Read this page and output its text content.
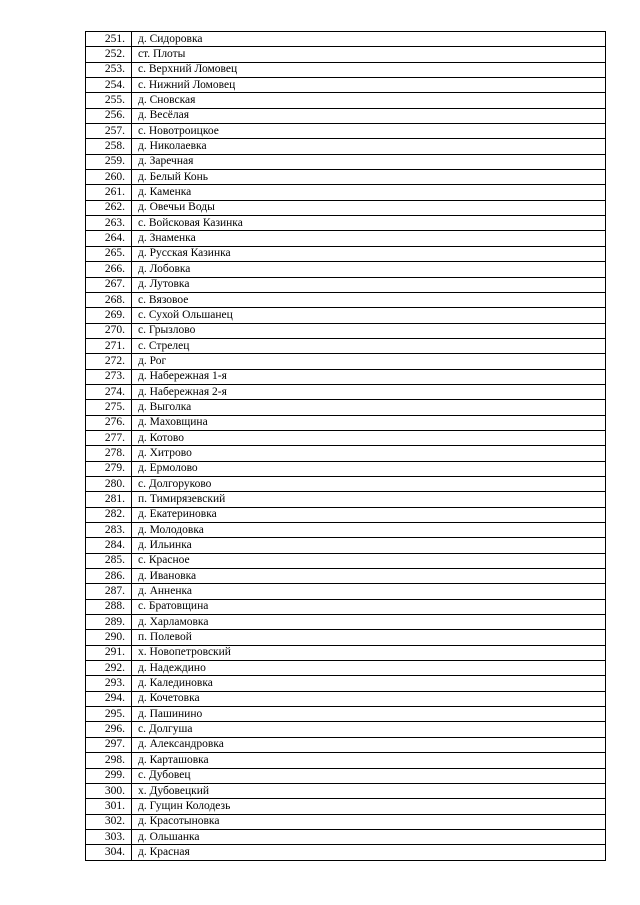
251.	д. Сидоровка
252.	ст. Плоты
253.	с. Верхний Ломовец
254.	с. Нижний Ломовец
255.	д. Сновская
256.	д. Весёлая
257.	с. Новотроицкое
258.	д. Николаевка
259.	д. Заречная
260.	д. Белый Конь
261.	д. Каменка
262.	д. Овечьи Воды
263.	с. Войсковая Казинка
264.	д. Знаменка
265.	д. Русская Казинка
266.	д. Лобовка
267.	д. Лутовка
268.	с. Вязовое
269.	с. Сухой Ольшанец
270.	с. Грызлово
271.	с. Стрелец
272.	д. Рог
273.	д. Набережная 1-я
274.	д. Набережная 2-я
275.	д. Выголка
276.	д. Маховщина
277.	д. Котово
278.	д. Хитрово
279.	д. Ермолово
280.	с. Долгоруково
281.	п. Тимирязевский
282.	д. Екатериновка
283.	д. Молодовка
284.	д. Ильинка
285.	с. Красное
286.	д. Ивановка
287.	д. Анненка
288.	с. Братовщина
289.	д. Харламовка
290.	п. Полевой
291.	х. Новопетровский
292.	д. Надеждино
293.	д. Калединовка
294.	д. Кочетовка
295.	д. Пашинино
296.	с. Долгуша
297.	д. Александровка
298.	д. Карташовка
299.	с. Дубовец
300.	х. Дубовецкий
301.	д. Гущин Колодезь
302.	д. Красотыновка
303.	д. Ольшанка
304.	д. Красная
